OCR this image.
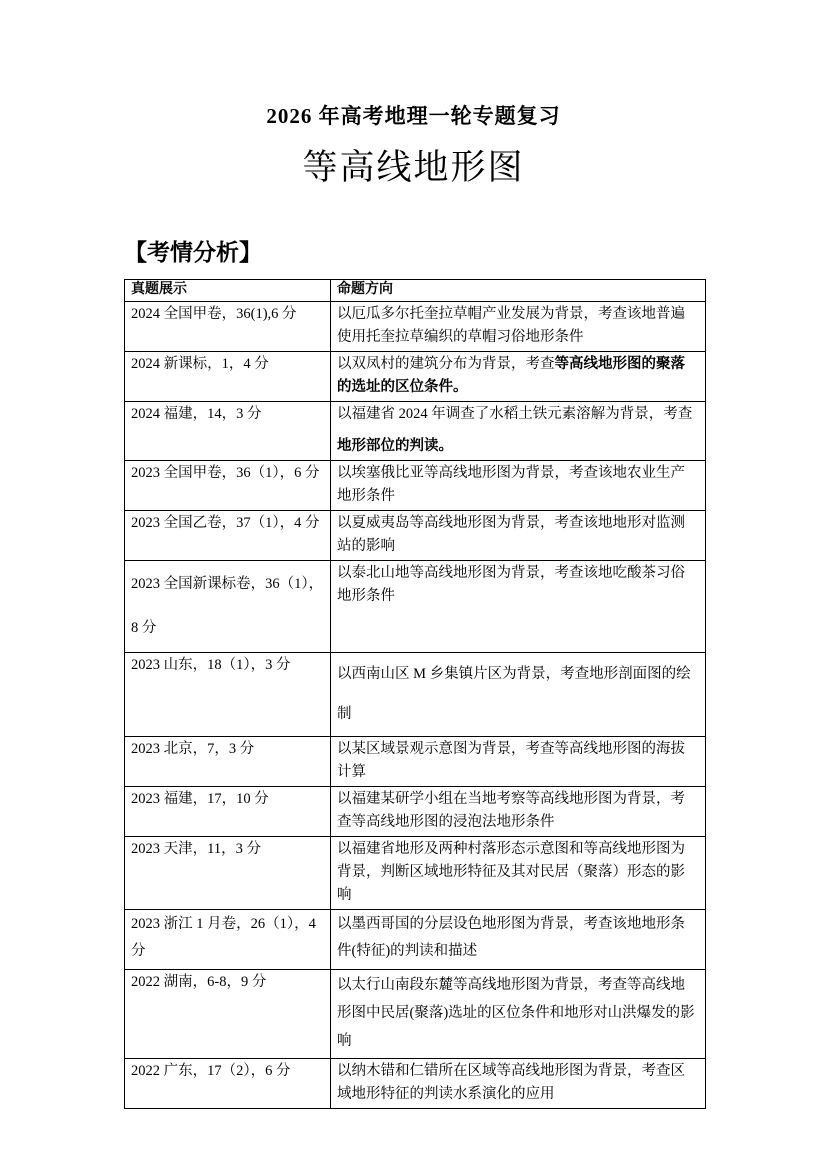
2026 年高考地理一轮专题复习
等高线地形图
【考情分析】
真题展示	命题方向
2024 全国甲卷，36(1),6 分	以厄瓜多尔托奎拉草帽产业发展为背景，考查该地普遍使用托奎拉草编织的草帽习俗地形条件

2024 新课标，1，4 分	以双凤村的建筑分布为背景，考查等高线地形图的聚落的选址的区位条件。

2024 福建，14，3 分	以福建省 2024 年调查了水稻土铁元素溶解为背景，考查
地形部位的判读。

2023 全国甲卷，36（1），6 分	以埃塞俄比亚等高线地形图为背景，考查该地农业生产地形条件

2023 全国乙卷，37（1），4 分	以夏威夷岛等高线地形图为背景，考查该地地形对监测站的影响

2023 全国新课标卷，36（1），8 分	以泰北山地等高线地形图为背景，考查该地吃酸茶习俗地形条件

2023 山东，18（1），3 分	以西南山区 M 乡集镇片区为背景，考查地形剖面图的绘制

2023 北京，7，3 分	以某区域景观示意图为背景，考查等高线地形图的海拔计算

2023 福建，17，10 分	以福建某研学小组在当地考察等高线地形图为背景，考查等高线地形图的浸泡法地形条件

2023 天津，11，3 分	以福建省地形及两种村落形态示意图和等高线地形图为背景，判断区域地形特征及其对民居（聚落）形态的影响

2023 浙江 1 月卷，26（1），4 分	以墨西哥国的分层设色地形图为背景，考查该地地形条件(特征)的判读和描述

2022 湖南，6-8，9 分	以太行山南段东麓等高线地形图为背景，考查等高线地形图中民居(聚落)选址的区位条件和地形对山洪爆发的影响

2022 广东，17（2），6 分	以纳木错和仁错所在区域等高线地形图为背景，考查区域地形特征的判读水系演化的应用
